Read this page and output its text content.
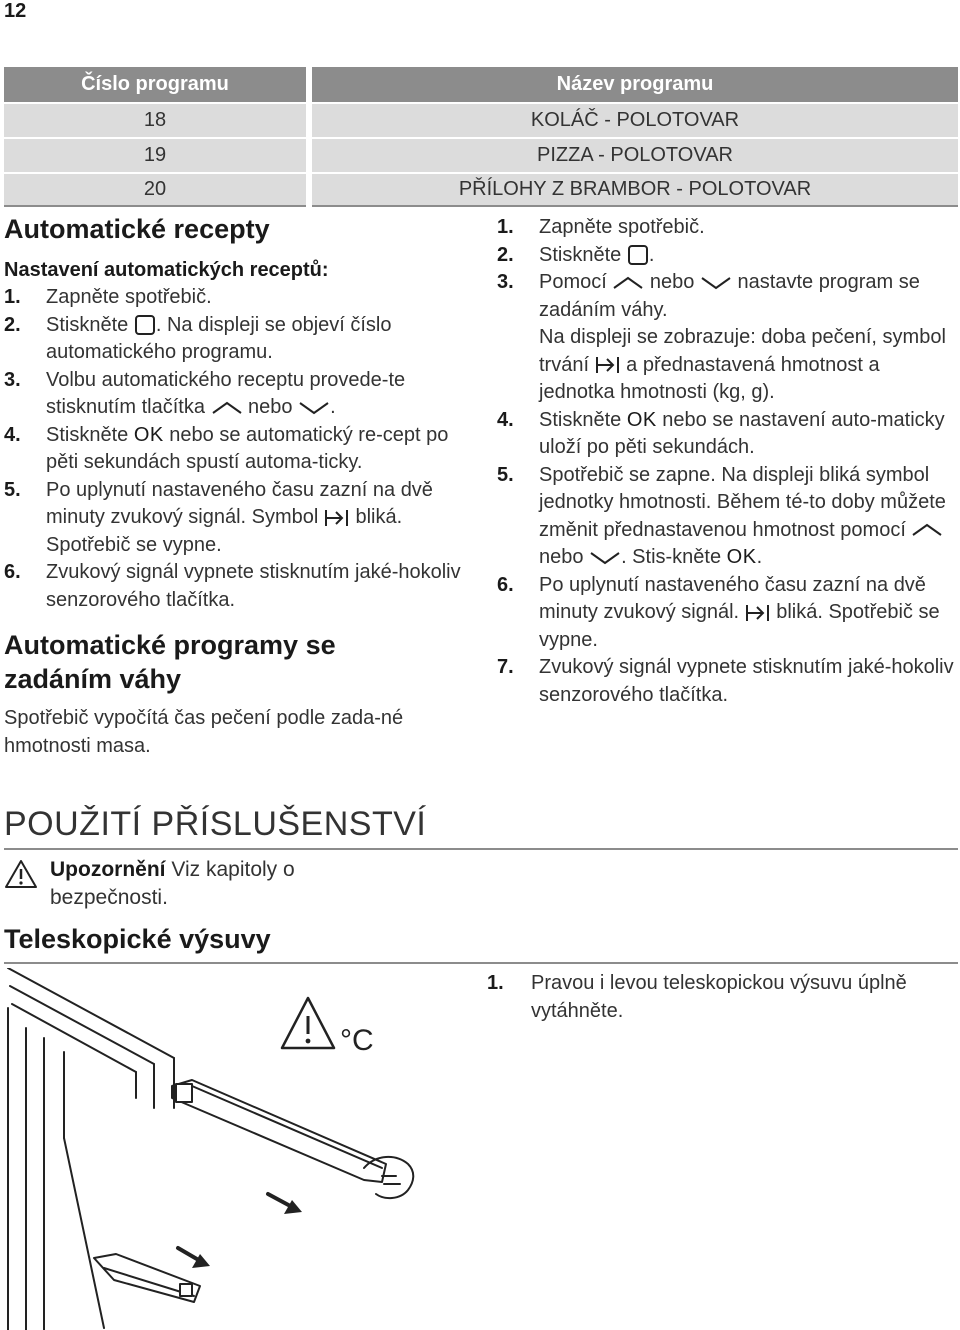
12
Číslo programu	Název programu
18	KOLÁČ - POLOTOVAR
19	PIZZA - POLOTOVAR
20	PŘÍLOHY Z BRAMBOR - POLOTOVAR
Automatické recepty
Nastavení automatických receptů:
1.	Zapněte spotřebič.
2.	Stiskněte . Na displeji se objeví číslo automatického programu.
3.	Volbu automatického receptu provede-te stisknutím tlačítka  nebo .
4.	Stiskněte OK nebo se automatický re-cept po pěti sekundách spustí automa-ticky.
5.	Po uplynutí nastaveného času zazní na dvě minuty zvukový signál. Symbol  bliká. Spotřebič se vypne.
6.	Zvukový signál vypnete stisknutím jaké-hokoliv senzorového tlačítka.
Automatické programy se
zadáním váhy
Spotřebič vypočítá čas pečení podle zada-né hmotnosti masa.
1.	Zapněte spotřebič.
2.	Stiskněte .
3.	Pomocí  nebo  nastavte program se zadáním váhy.
Na displeji se zobrazuje: doba pečení, symbol trvání  a přednastavená hmotnost a jednotka hmotnosti (kg, g).
4.	Stiskněte OK nebo se nastavení auto-maticky uloží po pěti sekundách.
5.	Spotřebič se zapne. Na displeji bliká symbol jednotky hmotnosti. Během té-to doby můžete změnit přednastavenou hmotnost pomocí  nebo . Stis-kněte OK.
6.	Po uplynutí nastaveného času zazní na dvě minuty zvukový signál.  bliká. Spotřebič se vypne.
7.	Zvukový signál vypnete stisknutím jaké-hokoliv senzorového tlačítka.
POUŽITÍ PŘÍSLUŠENSTVÍ
Upozornění Viz kapitoly o bezpečnosti.
Teleskopické výsuvy
1.	Pravou i levou teleskopickou výsuvu úplně vytáhněte.
°C
